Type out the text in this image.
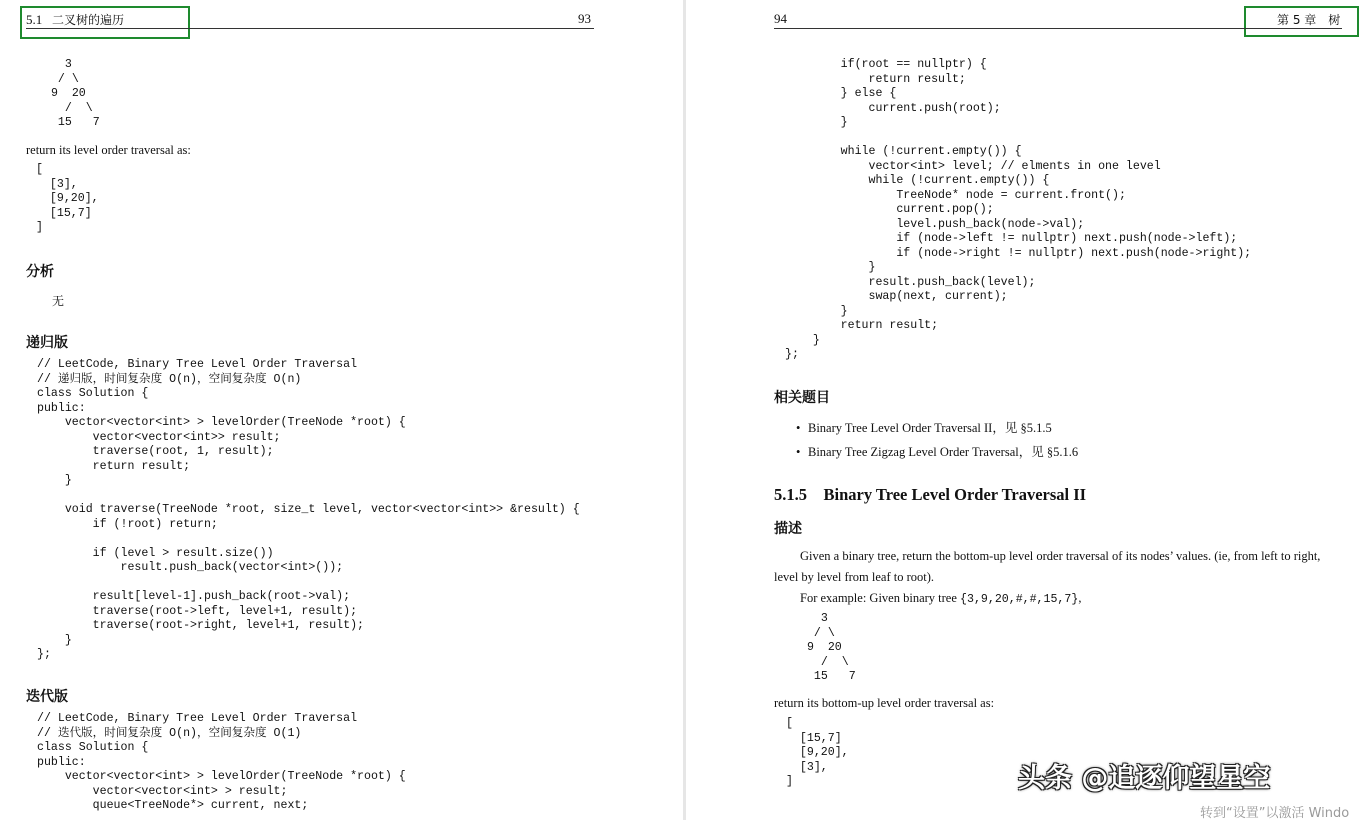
5.1 二叉树的遍历	93
3
/ \
9  20
/  \
15   7
return its level order traversal as:
[
[3],
[9,20],
[15,7]
]
分析
无
递归版
// LeetCode, Binary Tree Level Order Traversal
// 递归版，时间复杂度 O(n)，空间复杂度 O(n)
class Solution {
public:
vector<vector<int> > levelOrder(TreeNode *root) {
vector<vector<int>> result;
traverse(root, 1, result);
return result;
}

void traverse(TreeNode *root, size_t level, vector<vector<int>> &result) {
if (!root) return;

if (level > result.size())
result.push_back(vector<int>());

result[level-1].push_back(root->val);
traverse(root->left, level+1, result);
traverse(root->right, level+1, result);
}
};
迭代版
// LeetCode, Binary Tree Level Order Traversal
// 迭代版，时间复杂度 O(n)，空间复杂度 O(1)
class Solution {
public:
vector<vector<int> > levelOrder(TreeNode *root) {
vector<vector<int> > result;
queue<TreeNode*> current, next;
94	第 5 章　树
if(root == nullptr) {
return result;
} else {
current.push(root);
}

while (!current.empty()) {
vector<int> level; // elments in one level
while (!current.empty()) {
TreeNode* node = current.front();
current.pop();
level.push_back(node->val);
if (node->left != nullptr) next.push(node->left);
if (node->right != nullptr) next.push(node->right);
}
result.push_back(level);
swap(next, current);
}
return result;
}
};
相关题目
• Binary Tree Level Order Traversal II，见 §5.1.5
• Binary Tree Zigzag Level Order Traversal，见 §5.1.6
5.1.5 Binary Tree Level Order Traversal II
描述
Given a binary tree, return the bottom-up level order traversal of its nodes’ values. (ie, from left to right,
level by level from leaf to root).
For example: Given binary tree {3,9,20,#,#,15,7},
3
/ \
9  20
/  \
15   7
return its bottom-up level order traversal as:
[
[15,7]
[9,20],
[3],
]	头条 @追逐仰望星空
转到“设置”以激活 Windo
